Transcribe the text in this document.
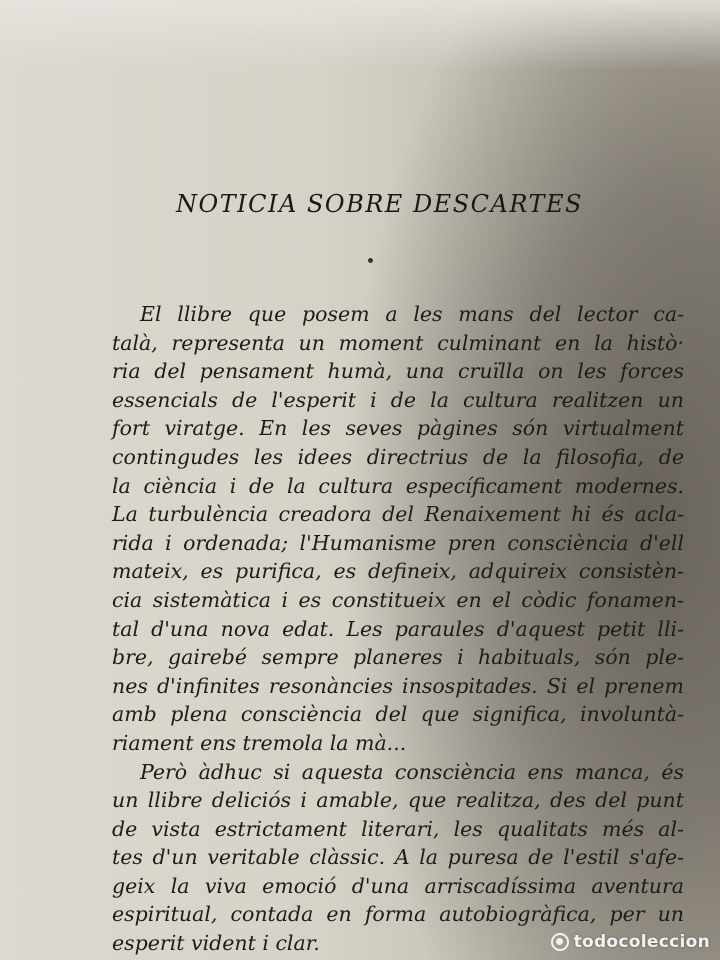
NOTICIA SOBRE DESCARTES
El llibre que posem a les mans del lector ca-
talà, representa un moment culminant en la histò·
ria del pensament humà, una cruïlla on les forces
essencials de l'esperit i de la cultura realitzen un
fort viratge. En les seves pàgines són virtualment
contingudes les idees directrius de la filosofia, de
la ciència i de la cultura específicament modernes.
La turbulència creadora del Renaixement hi és acla-
rida i ordenada; l'Humanisme pren consciència d'ell
mateix, es purifica, es defineix, adquireix consistèn-
cia sistemàtica i es constitueix en el còdic fonamen-
tal d'una nova edat. Les paraules d'aquest petit lli-
bre, gairebé sempre planeres i habituals, són ple-
nes d'infinites resonàncies insospitades. Si el prenem
amb plena consciència del que significa, involuntà-
riament ens tremola la mà...
Però àdhuc si aquesta consciència ens manca, és
un llibre deliciós i amable, que realitza, des del punt
de vista estrictament literari, les qualitats més al-
tes d'un veritable clàssic. A la puresa de l'estil s'afe-
geix la viva emoció d'una arriscadíssima aventura
espiritual, contada en forma autobiogràfica, per un
esperit vident i clar.	todocoleccion
